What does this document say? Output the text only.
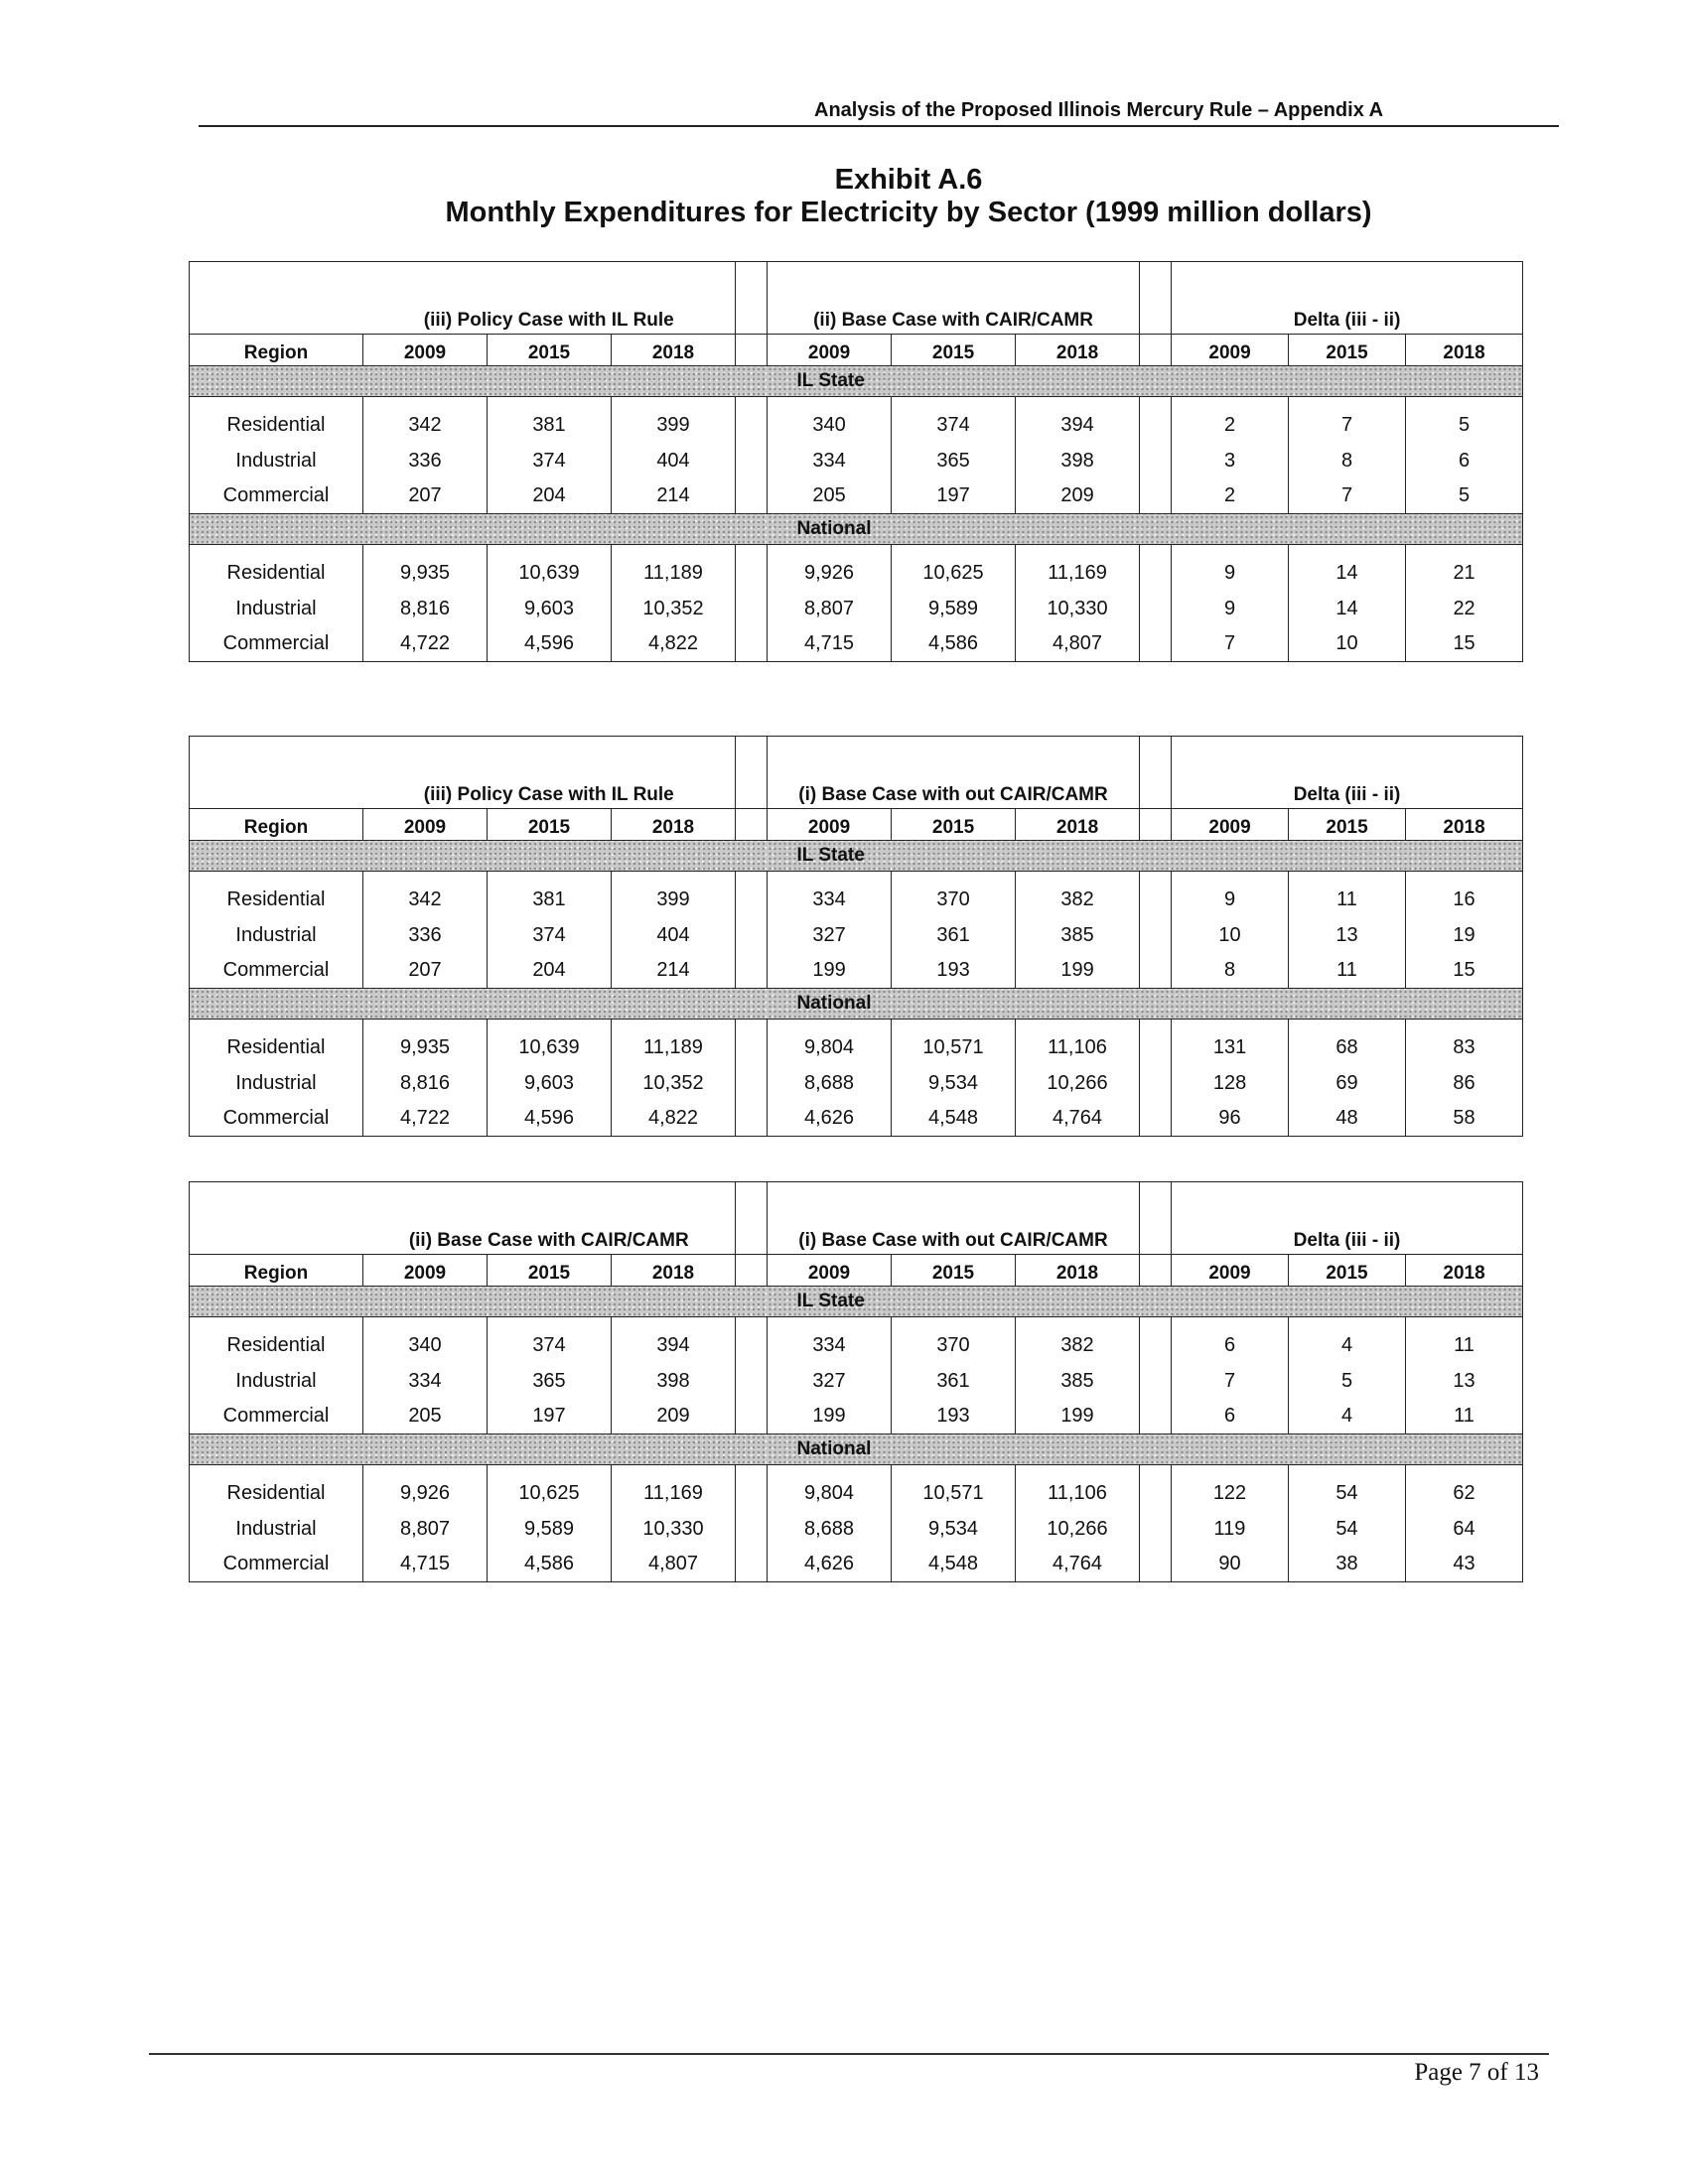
Analysis of the Proposed Illinois Mercury Rule – Appendix A
Exhibit A.6
Monthly Expenditures for Electricity by Sector (1999 million dollars)
	(iii) Policy Case with IL Rule				(ii) Base Case with CAIR/CAMR				Delta (iii - ii)		
Region	2009	2015	2018		2009	2015	2018		2009	2015	2018
					IL State						
Residential	342	381	399		340	374	394		2	7	5
Industrial	336	374	404		334	365	398		3	8	6
Commercial	207	204	214		205	197	209		2	7	5
					National						
Residential	9,935	10,639	11,189		9,926	10,625	11,169		9	14	21
Industrial	8,816	9,603	10,352		8,807	9,589	10,330		9	14	22
Commercial	4,722	4,596	4,822		4,715	4,586	4,807		7	10	15
	(iii) Policy Case with IL Rule				(i) Base Case with out CAIR/CAMR				Delta (iii - ii)		
Region	2009	2015	2018		2009	2015	2018		2009	2015	2018
					IL State						
Residential	342	381	399		334	370	382		9	11	16
Industrial	336	374	404		327	361	385		10	13	19
Commercial	207	204	214		199	193	199		8	11	15
					National						
Residential	9,935	10,639	11,189		9,804	10,571	11,106		131	68	83
Industrial	8,816	9,603	10,352		8,688	9,534	10,266		128	69	86
Commercial	4,722	4,596	4,822		4,626	4,548	4,764		96	48	58
	(ii) Base Case with CAIR/CAMR				(i) Base Case with out CAIR/CAMR				Delta (iii - ii)		
Region	2009	2015	2018		2009	2015	2018		2009	2015	2018
					IL State						
Residential	340	374	394		334	370	382		6	4	11
Industrial	334	365	398		327	361	385		7	5	13
Commercial	205	197	209		199	193	199		6	4	11
					National						
Residential	9,926	10,625	11,169		9,804	10,571	11,106		122	54	62
Industrial	8,807	9,589	10,330		8,688	9,534	10,266		119	54	64
Commercial	4,715	4,586	4,807		4,626	4,548	4,764		90	38	43
Page 7 of 13
